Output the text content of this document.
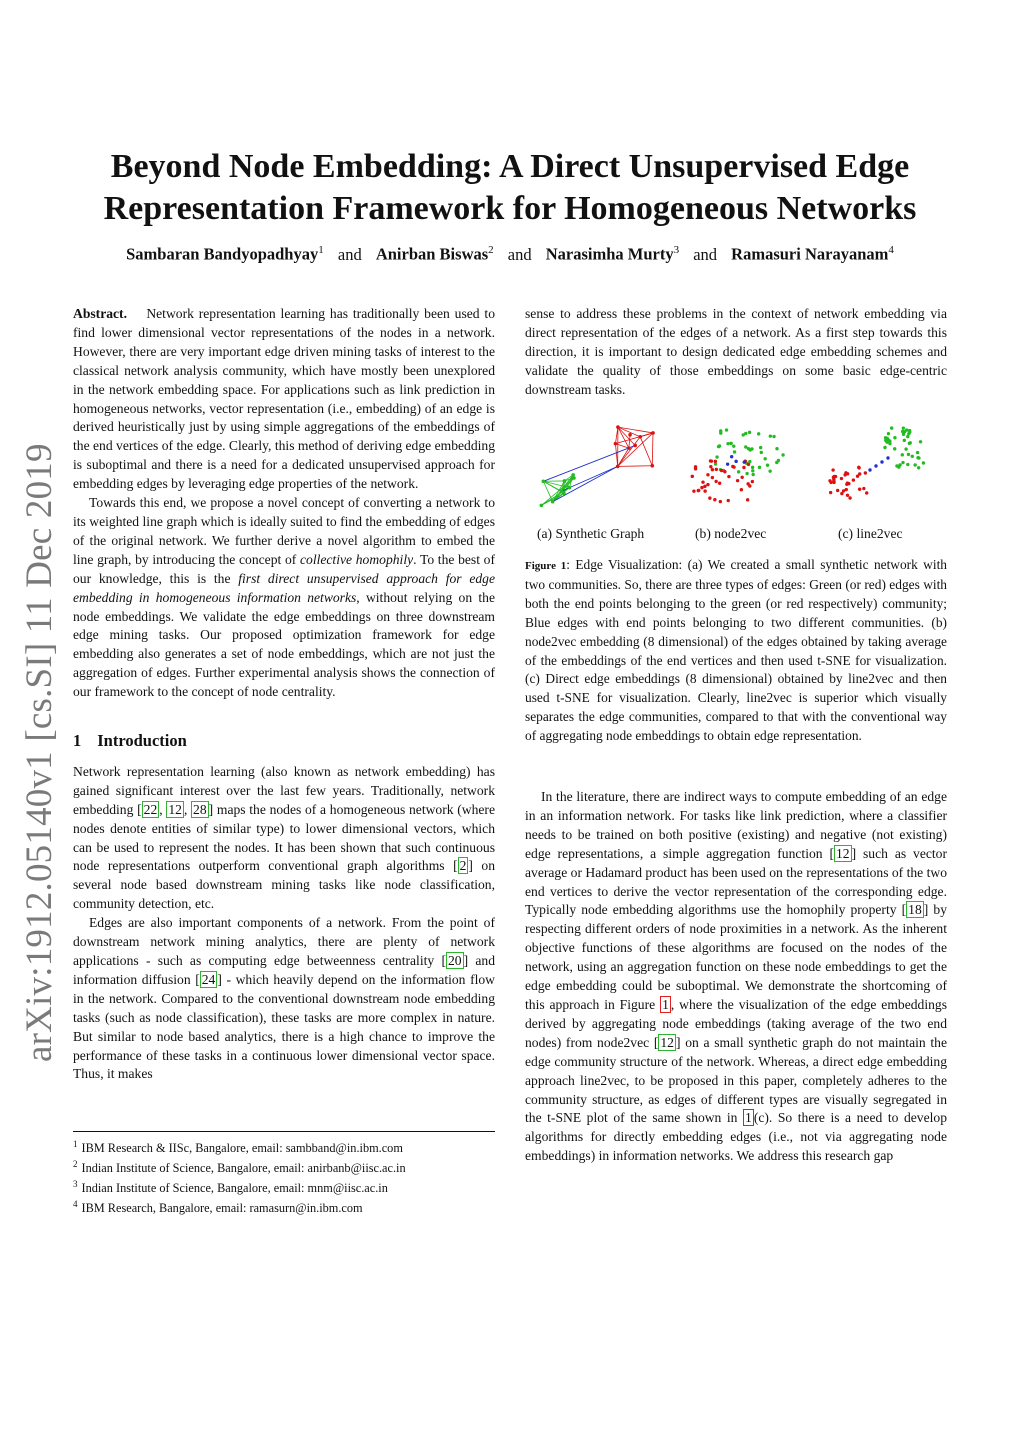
Beyond Node Embedding: A Direct Unsupervised Edge
Representation Framework for Homogeneous Networks
Sambaran Bandyopadhyay$^1$ and Anirban Biswas$^2$ and Narasimha Murty$^3$ and Ramasuri Narayanam$^4$
arXiv:1912.05140v1 [cs.SI] 11 Dec 2019

Abstract. Network representation learning has traditionally been used to find lower dimensional vector representations of the nodes in a network. However, there are very important edge driven mining tasks of interest to the classical network analysis community, which have mostly been unexplored in the network embedding space. For applications such as link prediction in homogeneous networks, vector representation (i.e., embedding) of an edge is derived heuristically just by using simple aggregations of the embeddings of the end vertices of the edge. Clearly, this method of deriving edge embedding is suboptimal and there is a need for a dedicated unsupervised approach for embedding edges by leveraging edge properties of the network.

Towards this end, we propose a novel concept of converting a network to its weighted line graph which is ideally suited to find the embedding of edges of the original network. We further derive a novel algorithm to embed the line graph, by introducing the concept of collective homophily. To the best of our knowledge, this is the first direct unsupervised approach for edge embedding in homogeneous information networks, without relying on the node embeddings. We validate the edge embeddings on three downstream edge mining tasks. Our proposed optimization framework for edge embedding also generates a set of node embeddings, which are not just the aggregation of edges. Further experimental analysis shows the connection of our framework to the concept of node centrality.

1 Introduction

Network representation learning (also known as network embedding) has gained significant interest over the last few years. Traditionally, network embedding [ 22 , 12 , 28 ] maps the nodes of a homogeneous network (where nodes denote entities of similar type) to lower dimensional vectors, which can be used to represent the nodes. It has been shown that such continuous node representations outperform conventional graph algorithms [ 2 ] on several node based downstream mining tasks like node classification, community detection, etc.

Edges are also important components of a network. From the point of downstream network mining analytics, there are plenty of network applications - such as computing edge betweenness centrality [ 20 ] and information diffusion [ 24 ] - which heavily depend on the information flow in the network. Compared to the conventional downstream node embedding tasks (such as node classification), these tasks are more complex in nature. But similar to node based analytics, there is a high chance to improve the performance of these tasks in a continuous lower dimensional vector space. Thus, it makes

$^1$ IBM Research & IISc, Bangalore, email: sambband@in.ibm.com
$^2$ Indian Institute of Science, Bangalore, email: anirbanb@iisc.ac.in
$^3$ Indian Institute of Science, Bangalore, email: mnm@iisc.ac.in
$^4$ IBM Research, Bangalore, email: ramasurn@in.ibm.com

sense to address these problems in the context of network embedding via direct representation of the edges of a network. As a first step towards this direction, it is important to design dedicated edge embedding schemes and validate the quality of those embeddings on some basic edge-centric downstream tasks.

(a) Synthetic Graph	(b) node2vec	(c) line2vec
Figure 1: Edge Visualization: (a) We created a small synthetic network with two communities. So, there are three types of edges: Green (or red) edges with both the end points belonging to the green (or red respectively) community; Blue edges with end points belonging to two different communities. (b) node2vec embedding (8 dimensional) of the edges obtained by taking average of the embeddings of the end vertices and then used t-SNE for visualization. (c) Direct edge embeddings (8 dimensional) obtained by line2vec and then used t-SNE for visualization. Clearly, line2vec is superior which visually separates the edge communities, compared to that with the conventional way of aggregating node embeddings to obtain edge representation.

In the literature, there are indirect ways to compute embedding of an edge in an information network. For tasks like link prediction, where a classifier needs to be trained on both positive (existing) and negative (not existing) edge representations, a simple aggregation function [ 12 ] such as vector average or Hadamard product has been used on the representations of the two end vertices to derive the vector representation of the corresponding edge. Typically node embedding algorithms use the homophily property [ 18 ] by respecting different orders of node proximities in a network. As the inherent objective functions of these algorithms are focused on the nodes of the network, using an aggregation function on these node embeddings to get the edge embedding could be suboptimal. We demonstrate the shortcoming of this approach in Figure 1 , where the visualization of the edge embeddings derived by aggregating node embeddings (taking average of the two end nodes) from node2vec [ 12 ] on a small synthetic graph do not maintain the edge community structure of the network. Whereas, a direct edge embedding approach line2vec, to be proposed in this paper, completely adheres to the community structure, as edges of different types are visually segregated in the t-SNE plot of the same shown in 1 (c). So there is a need to develop algorithms for directly embedding edges (i.e., not via aggregating node embeddings) in information networks. We address this research gap
